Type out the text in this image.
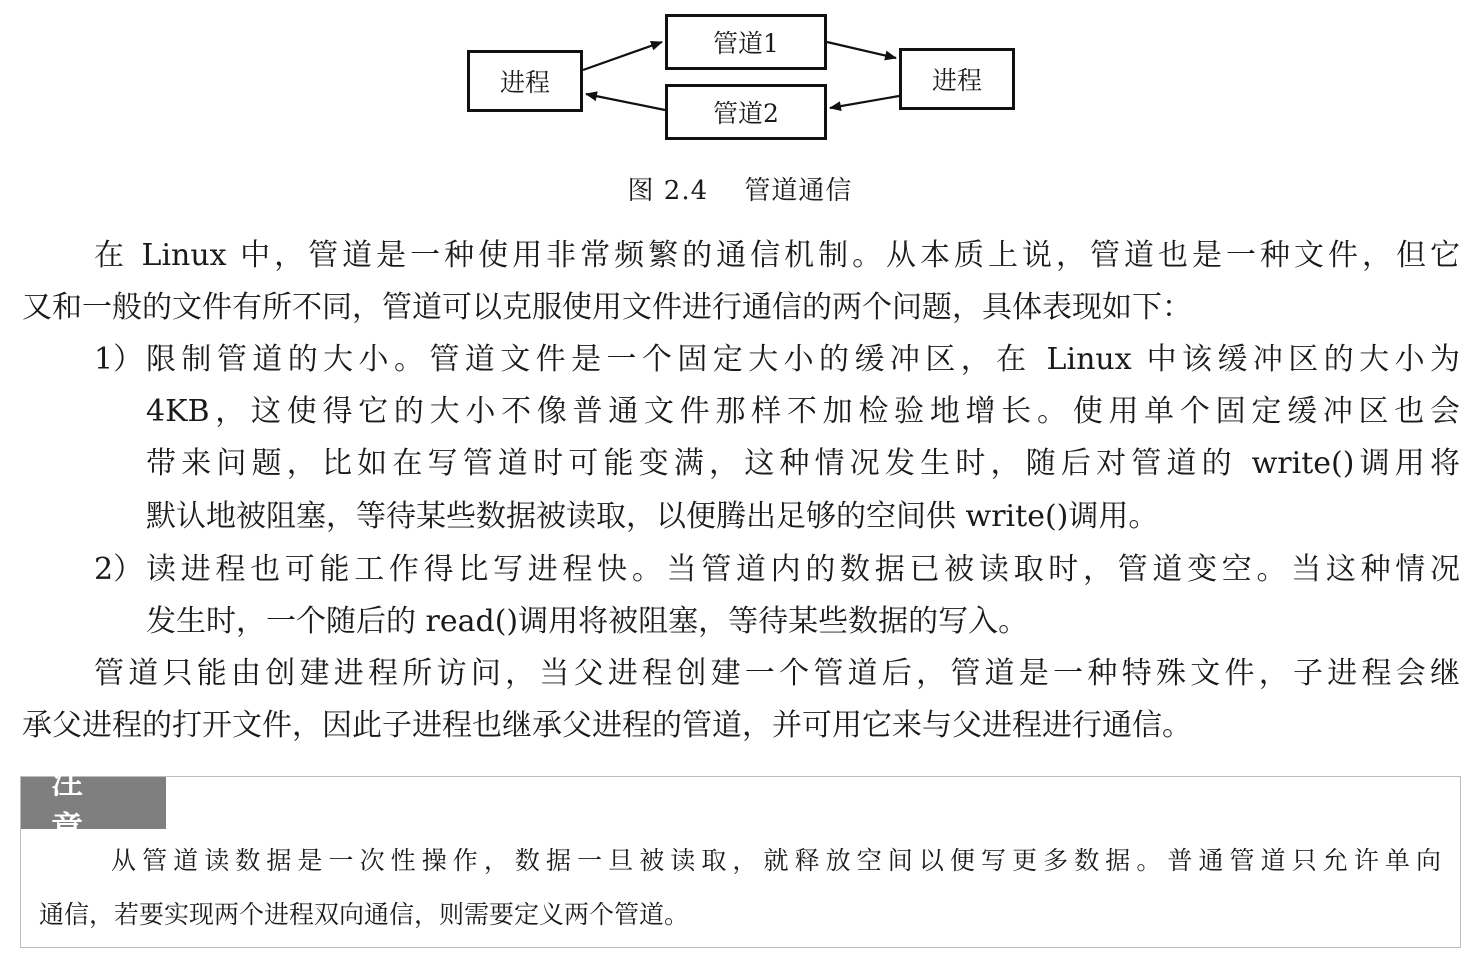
进程
管道1
管道2
进程
图 2.4 　管道通信
在 Linux 中，管道是一种使用非常频繁的通信机制。从本质上说，管道也是一种文件，但它
又和一般的文件有所不同，管道可以克服使用文件进行通信的两个问题，具体表现如下：
1） 限制管道的大小。管道文件是一个固定大小的缓冲区，在 Linux 中该缓冲区的大小为
4KB，这使得它的大小不像普通文件那样不加检验地增长。使用单个固定缓冲区也会
带来问题，比如在写管道时可能变满，这种情况发生时，随后对管道的 write()调用将
默认地被阻塞，等待某些数据被读取，以便腾出足够的空间供 write()调用。
2） 读进程也可能工作得比写进程快。当管道内的数据已被读取时，管道变空。当这种情况
发生时，一个随后的 read()调用将被阻塞，等待某些数据的写入。
管道只能由创建进程所访问，当父进程创建一个管道后，管道是一种特殊文件，子进程会继
承父进程的打开文件，因此子进程也继承父进程的管道，并可用它来与父进程进行通信。
注意
从管道读数据是一次性操作，数据一旦被读取，就释放空间以便写更多数据。普通管道只允许单向
通信，若要实现两个进程双向通信，则需要定义两个管道。
